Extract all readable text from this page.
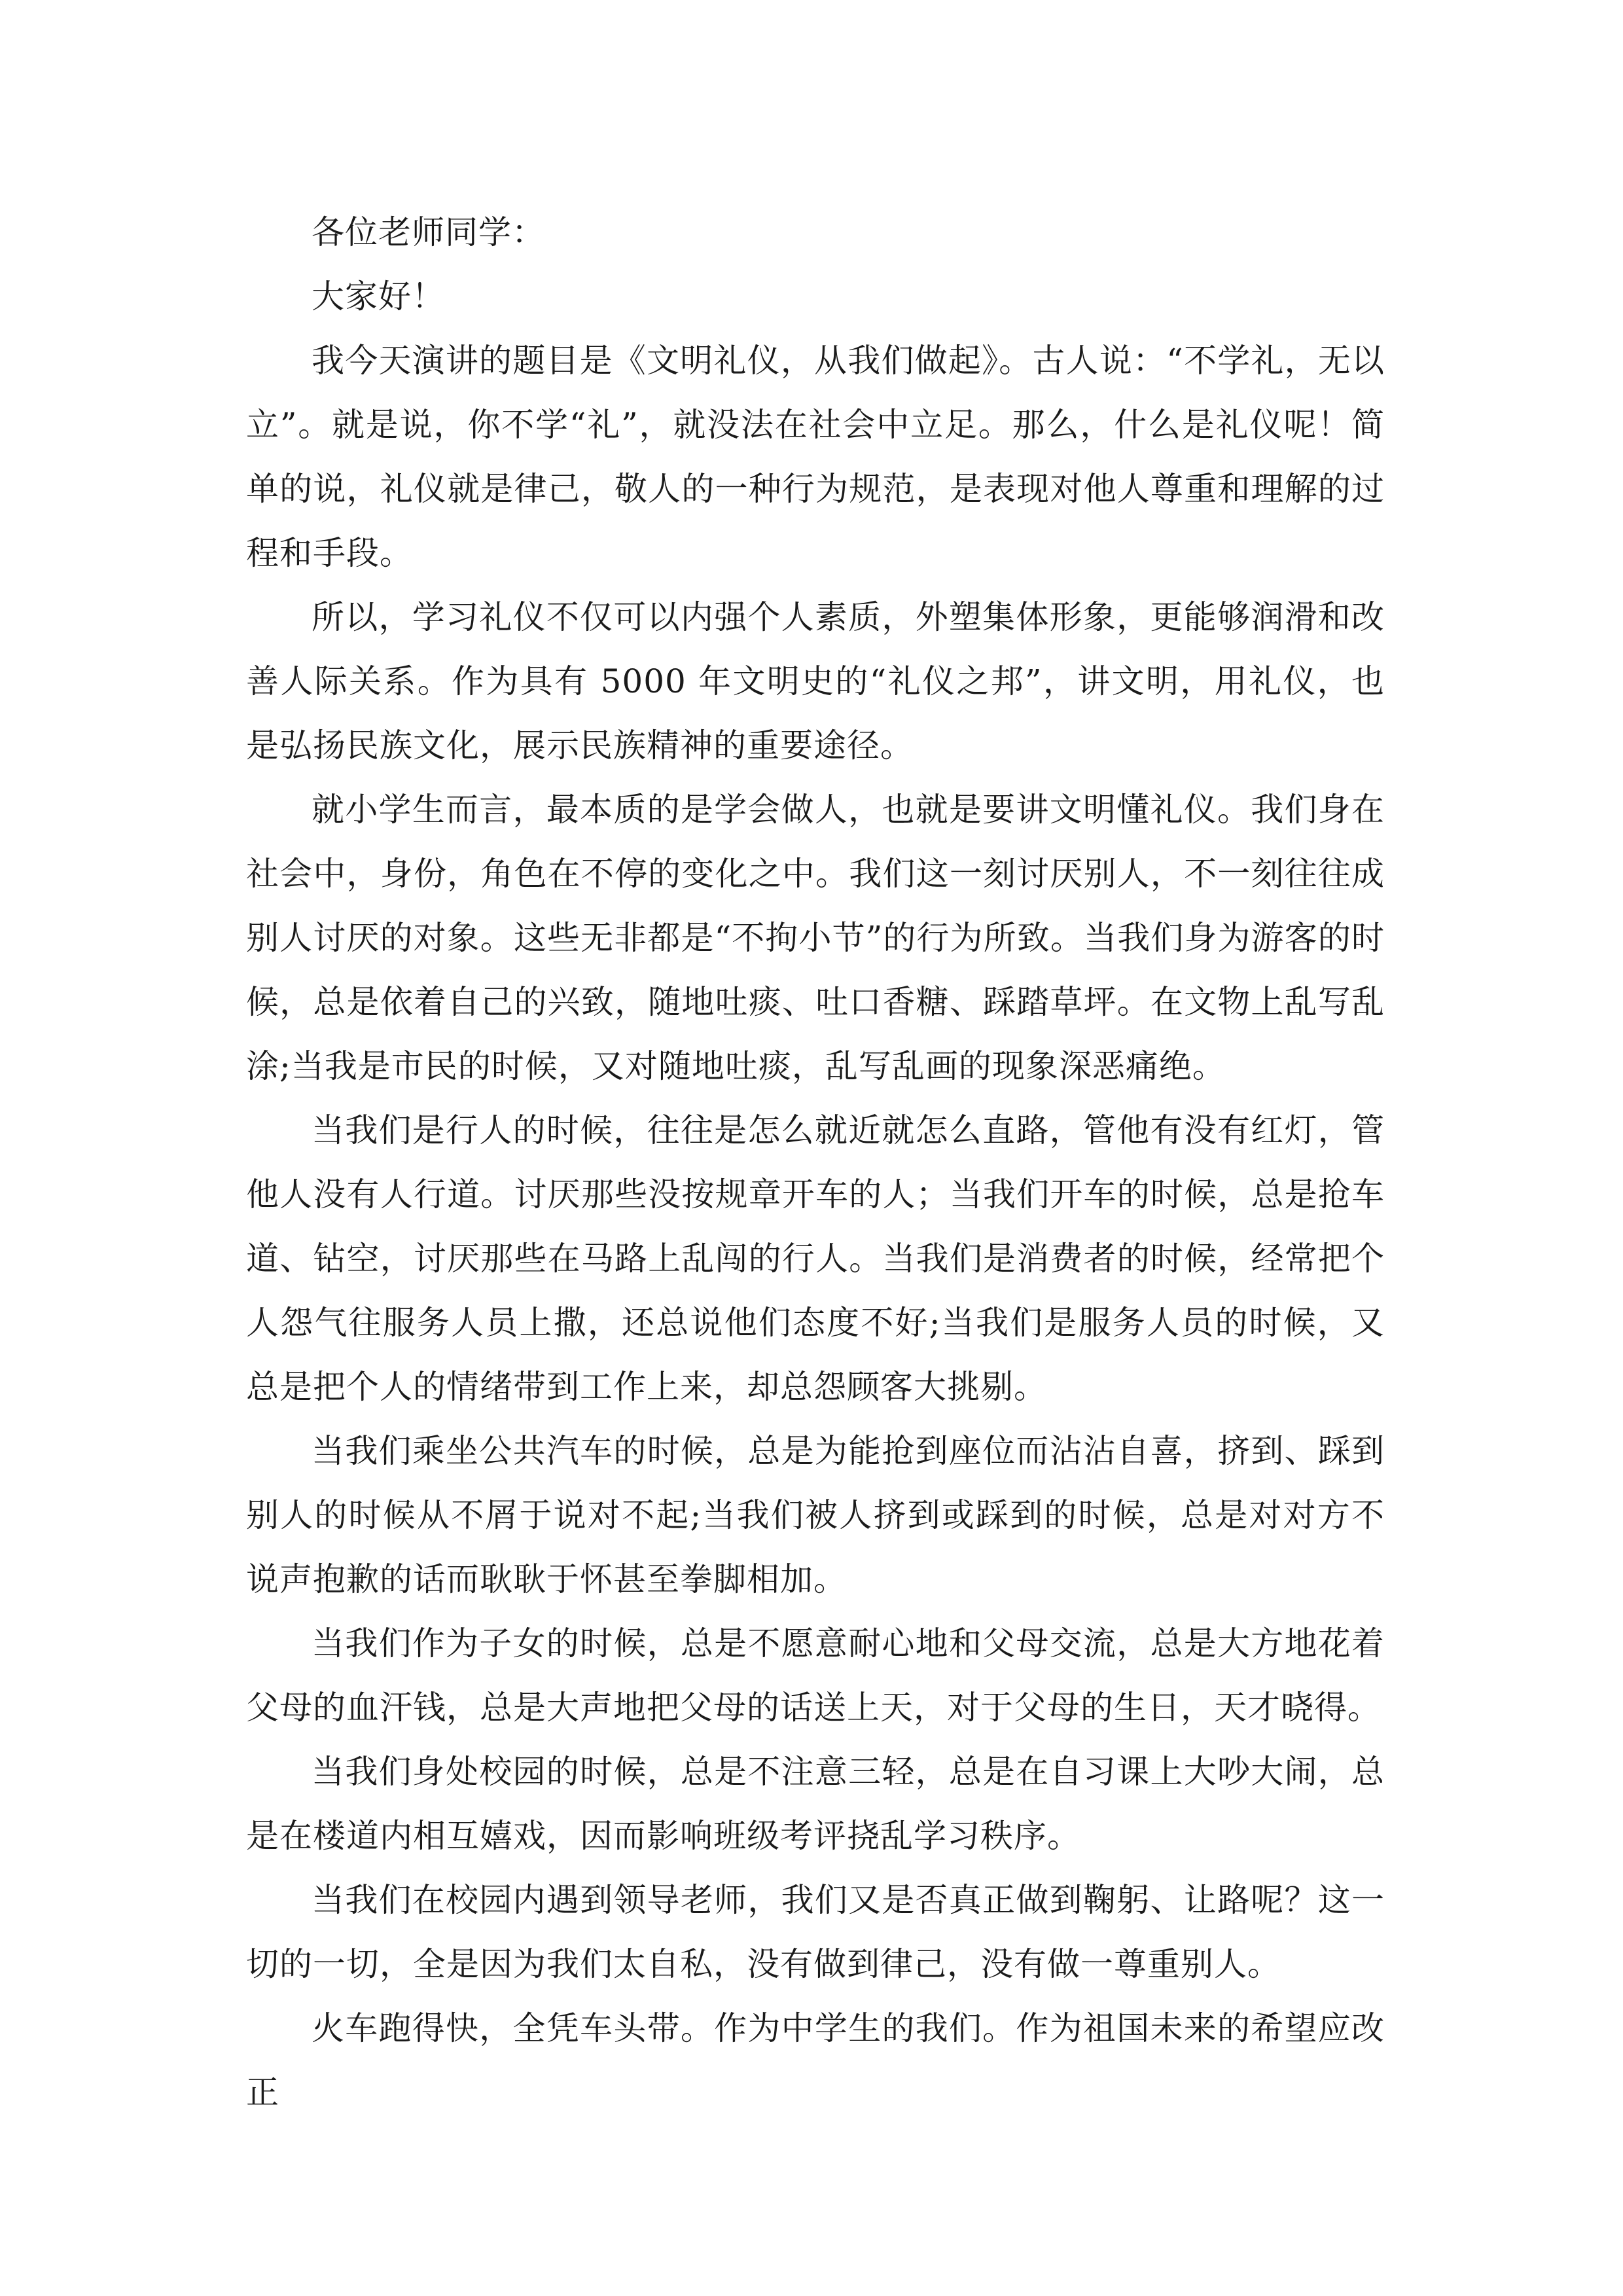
各位老师同学：

大家好！

我今天演讲的题目是《文明礼仪，从我们做起》。古人说：“不学礼，无以立”。就是说，你不学“礼”，就没法在社会中立足。那么，什么是礼仪呢！简单的说，礼仪就是律己，敬人的一种行为规范，是表现对他人尊重和理解的过程和手段。

所以，学习礼仪不仅可以内强个人素质，外塑集体形象，更能够润滑和改善人际关系。作为具有 5000 年文明史的“礼仪之邦”，讲文明，用礼仪，也是弘扬民族文化，展示民族精神的重要途径。

就小学生而言，最本质的是学会做人，也就是要讲文明懂礼仪。我们身在社会中，身份，角色在不停的变化之中。我们这一刻讨厌别人，不一刻往往成别人讨厌的对象。这些无非都是“不拘小节”的行为所致。当我们身为游客的时候，总是依着自己的兴致，随地吐痰、吐口香糖、踩踏草坪。在文物上乱写乱涂;当我是市民的时候，又对随地吐痰，乱写乱画的现象深恶痛绝。

当我们是行人的时候，往往是怎么就近就怎么直路，管他有没有红灯，管他人没有人行道。讨厌那些没按规章开车的人；当我们开车的时候，总是抢车道、钻空，讨厌那些在马路上乱闯的行人。当我们是消费者的时候，经常把个人怨气往服务人员上撒，还总说他们态度不好;当我们是服务人员的时候，又总是把个人的情绪带到工作上来，却总怨顾客大挑剔。

当我们乘坐公共汽车的时候，总是为能抢到座位而沾沾自喜，挤到、踩到别人的时候从不屑于说对不起;当我们被人挤到或踩到的时候，总是对对方不说声抱歉的话而耿耿于怀甚至拳脚相加。

当我们作为子女的时候，总是不愿意耐心地和父母交流，总是大方地花着父母的血汗钱，总是大声地把父母的话送上天，对于父母的生日，天才晓得。

当我们身处校园的时候，总是不注意三轻，总是在自习课上大吵大闹，总是在楼道内相互嬉戏，因而影响班级考评挠乱学习秩序。

当我们在校园内遇到领导老师，我们又是否真正做到鞠躬、让路呢？这一切的一切，全是因为我们太自私，没有做到律己，没有做一尊重别人。

火车跑得快，全凭车头带。作为中学生的我们。作为祖国未来的希望应改正
